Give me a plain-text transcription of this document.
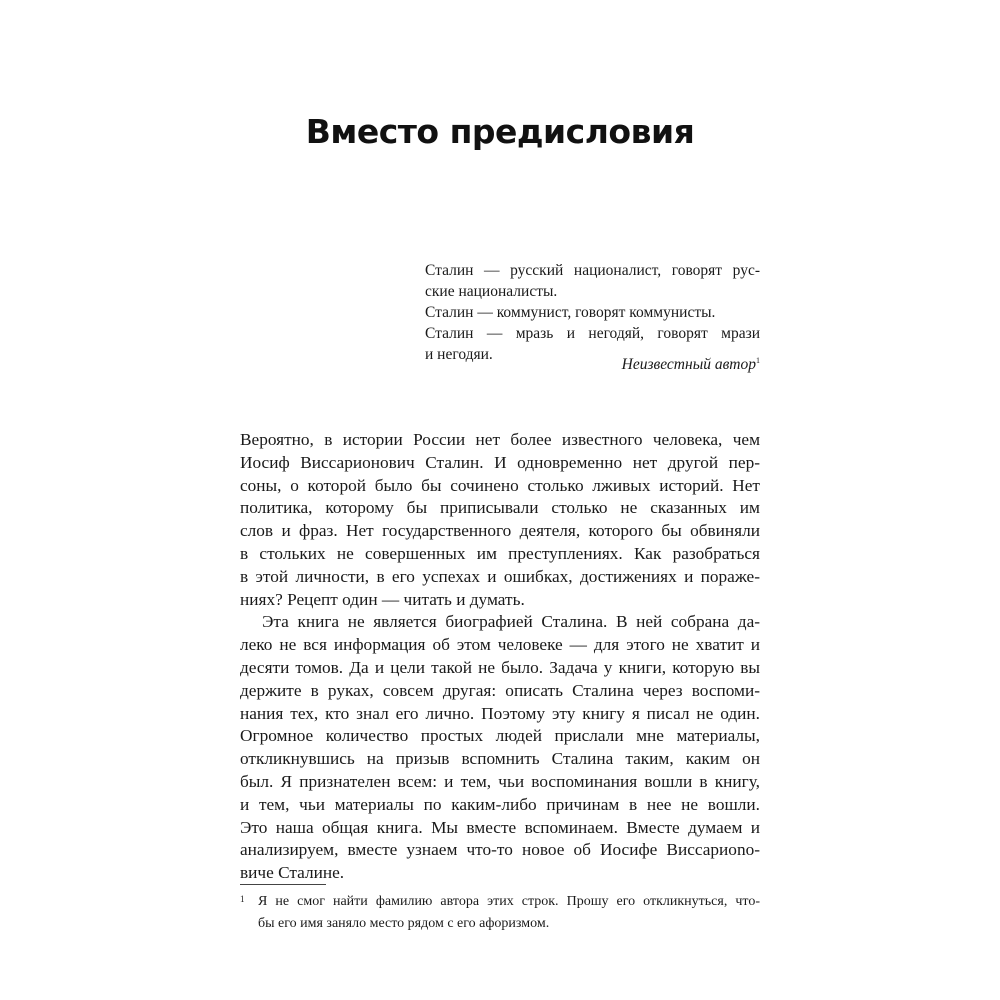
Вместо предисловия
Сталин — русский националист, говорят рус-
ские националисты.
Сталин — коммунист, говорят коммунисты.
Сталин — мразь и негодяй, говорят мрази
и негодяи.
Неизвестный автор$^1$
Вероятно, в истории России нет более известного человека, чем
Иосиф Виссарионович Сталин. И одновременно нет другой пер-
соны, о которой было бы сочинено столько лживых историй. Нет
политика, которому бы приписывали столько не сказанных им
слов и фраз. Нет государственного деятеля, которого бы обвиняли
в стольких не совершенных им преступлениях. Как разобраться
в этой личности, в его успехах и ошибках, достижениях и пораже-
ниях? Рецепт один — читать и думать.
Эта книга не является биографией Сталина. В ней собрана да-
леко не вся информация об этом человеке — для этого не хватит и
десяти томов. Да и цели такой не было. Задача у книги, которую вы
держите в руках, совсем другая: описать Сталина через воспоми-
нания тех, кто знал его лично. Поэтому эту книгу я писал не один.
Огромное количество простых людей прислали мне материалы,
откликнувшись на призыв вспомнить Сталина таким, каким он
был. Я признателен всем: и тем, чьи воспоминания вошли в книгу,
и тем, чьи материалы по каким-либо причинам в нее не вошли.
Это наша общая книга. Мы вместе вспоминаем. Вместе думаем и
анализируем, вместе узнаем что-то новое об Иосифе Виссариono-
виче Сталине.
1 Я не смог найти фамилию автора этих строк. Прошу его откликнуться, что-
бы его имя заняло место рядом с его афоризмом.
